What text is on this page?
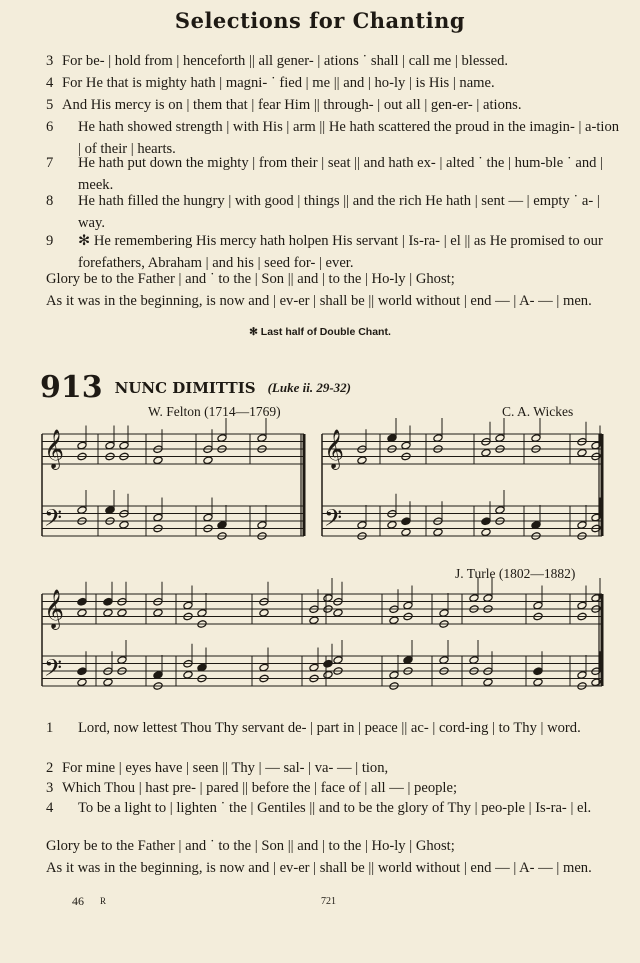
Selections for Chanting
3 For be- | hold from | henceforth || all gener- | ations ˙ shall | call me | blessed.
4 For He that is mighty hath | magni- ˙ fied | me || and | ho-ly | is His | name.
5 And His mercy is on | them that | fear Him || through- | out all | gen-er- | ations.
6 He hath showed strength | with His | arm || He hath scattered the proud in the imagin- | a-tion | of their | hearts.
7 He hath put down the mighty | from their | seat || and hath ex- | alted ˙ the | hum-ble ˙ and | meek.
8 He hath filled the hungry | with good | things || and the rich He hath | sent — | empty ˙ a- | way.
9 ✻ He remembering His mercy hath holpen His servant | Is-ra- | el || as He promised to our forefathers, Abraham | and his | seed for- | ever.
Glory be to the Father | and ˙ to the | Son || and | to the | Ho-ly | Ghost;
As it was in the beginning, is now and | ev-er | shall be || world without | end — | A- — | men.
✻ Last half of Double Chant.
913 NUNC DIMITTIS (Luke ii. 29-32)
W. Felton (1714—1769)	C. A. Wickes
J. Turle (1802—1882)
𝄞
𝄢
𝄞
𝄢
𝄞
𝄢
1 Lord, now lettest Thou Thy servant de- | part in | peace || ac- | cord-ing | to Thy | word.
2 For mine | eyes have | seen || Thy | — sal- | va- — | tion,
3 Which Thou | hast pre- | pared || before the | face of | all — | people;
4 To be a light to | lighten ˙ the | Gentiles || and to be the glory of Thy | peo-ple | Is-ra- | el.
Glory be to the Father | and ˙ to the | Son || and | to the | Ho-ly | Ghost;
As it was in the beginning, is now and | ev-er | shall be || world without | end — | A- — | men.
46 R	721
